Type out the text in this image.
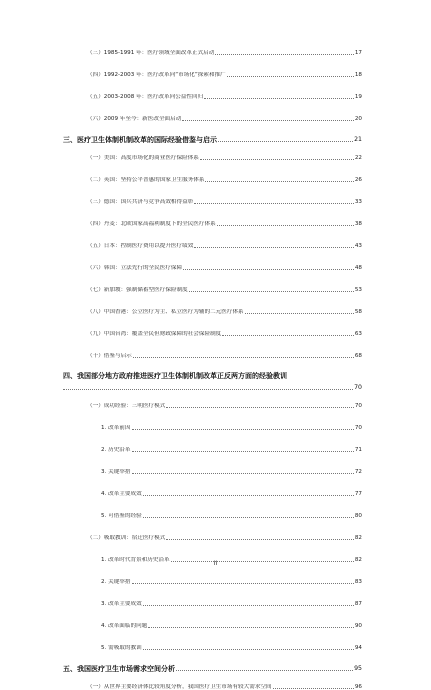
（三）1985-1991 年：医疗领域全面改革正式启动	17
（四）1992-2003 年：医疗改革向“市场化”探索和推广	18
（五）2003-2008 年：医疗改革向公益性回归	19
（六）2009 年至今：新医改全面启动	20
三、医疗卫生体制机制改革的国际经验借鉴与启示	21
（一）美国：高度市场化的商业医疗保险体系	22
（二）英国：坚持公平普惠的国家卫生服务体系	26
（三）德国：国兵共济与竞争高效相得益彰	33
（四）丹麦：北欧国家高福利制度下的全民医疗体系	38
（五）日本：控制医疗费用以提升医疗绩效	43
（六）韩国：立法先行的全民医疗保障	48
（七）新加坡：强制储蓄型医疗保险制度	53
（八）中国香港：公立医疗为主、私立医疗为辅的二元医疗体系	58
（九）中国台湾：覆盖全民但财政保障的社会保险制度	63
（十）借鉴与启示	68
四、我国部分地方政府推进医疗卫生体制机制改革正反两方面的经验教训
70
（一）成功经验：三明医疗模式	70
1. 改革前因	70
2. 历史沿革	71
3. 关键举措	72
4. 改革主要成效	77
5. 可借鉴的经验	80
（二）吸取教训：宿迁医疗模式	82
1. 改革时代背景和历史沿革	82
2. 关键举措	83
3. 改革主要成效	87
4. 改革面临的问题	90
5. 需吸取的教训	94
五、我国医疗卫生市场需求空间分析	95
（一）从世界主要经济体比较角度分析，我国医疗卫生市场有较大需求空间	96
II
